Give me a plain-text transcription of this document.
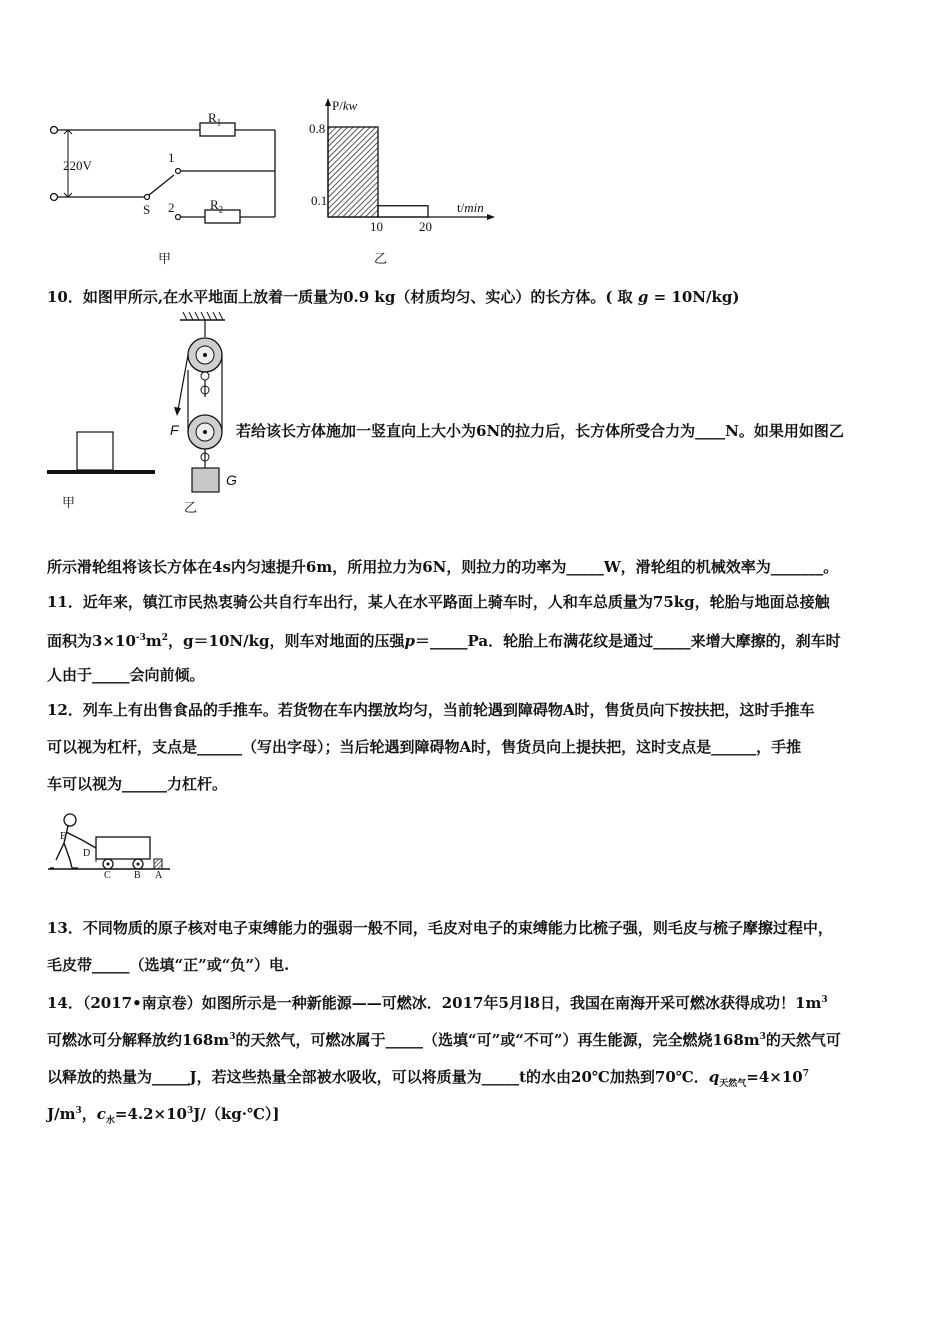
220V
$R_1$
$R_2$
1
2
S
甲
P/kw
t/min
0.8
0.1
10	20
乙
10．如图甲所示,在水平地面上放着一质量为0.9 kg（材质均匀、实心）的长方体。( 取 g = 10N/kg)
甲
F
G
乙
若给该长方体施加一竖直向上大小为6N的拉力后，长方体所受合力为____N。如果用如图乙
所示滑轮组将该长方体在4s内匀速提升6m，所用拉力为6N，则拉力的功率为_____W，滑轮组的机械效率为_______。
11．近年来，镇江市民热衷骑公共自行车出行，某人在水平路面上骑车时，人和车总质量为75kg，轮胎与地面总接触
面积为$3\times 10^{-3}m^2$，g＝10N/kg，则车对地面的压强p＝_____Pa．轮胎上布满花纹是通过_____来增大摩擦的，刹车时
人由于_____会向前倾。
12．列车上有出售食品的手推车。若货物在车内摆放均匀，当前轮遇到障碍物A时，售货员向下按扶把，这时手推车
可以视为杠杆，支点是______（写出字母）；当后轮遇到障碍物A时，售货员向上提扶把，这时支点是______，手推
车可以视为______力杠杆。
E
D
C B A
13．不同物质的原子核对电子束缚能力的强弱一般不同，毛皮对电子的束缚能力比梳子强，则毛皮与梳子摩擦过程中，
毛皮带_____（选填“正”或“负”）电.
14．（2017•南京卷）如图所示是一种新能源——可燃冰．2017年5月l8日，我国在南海开采可燃冰获得成功！$1m^3$
可燃冰可分解释放约$168m^3$的天然气，可燃冰属于_____（选填“可”或“不可”）再生能源，完全燃烧$168m^3$的天然气可
以释放的热量为_____J，若这些热量全部被水吸收，可以将质量为_____t的水由20℃加热到70℃．$q_{天然气}=4\times 10^7$
$J/m^3$，$c_水=4.2\times 10^3J/(kg\cdot℃)$]
